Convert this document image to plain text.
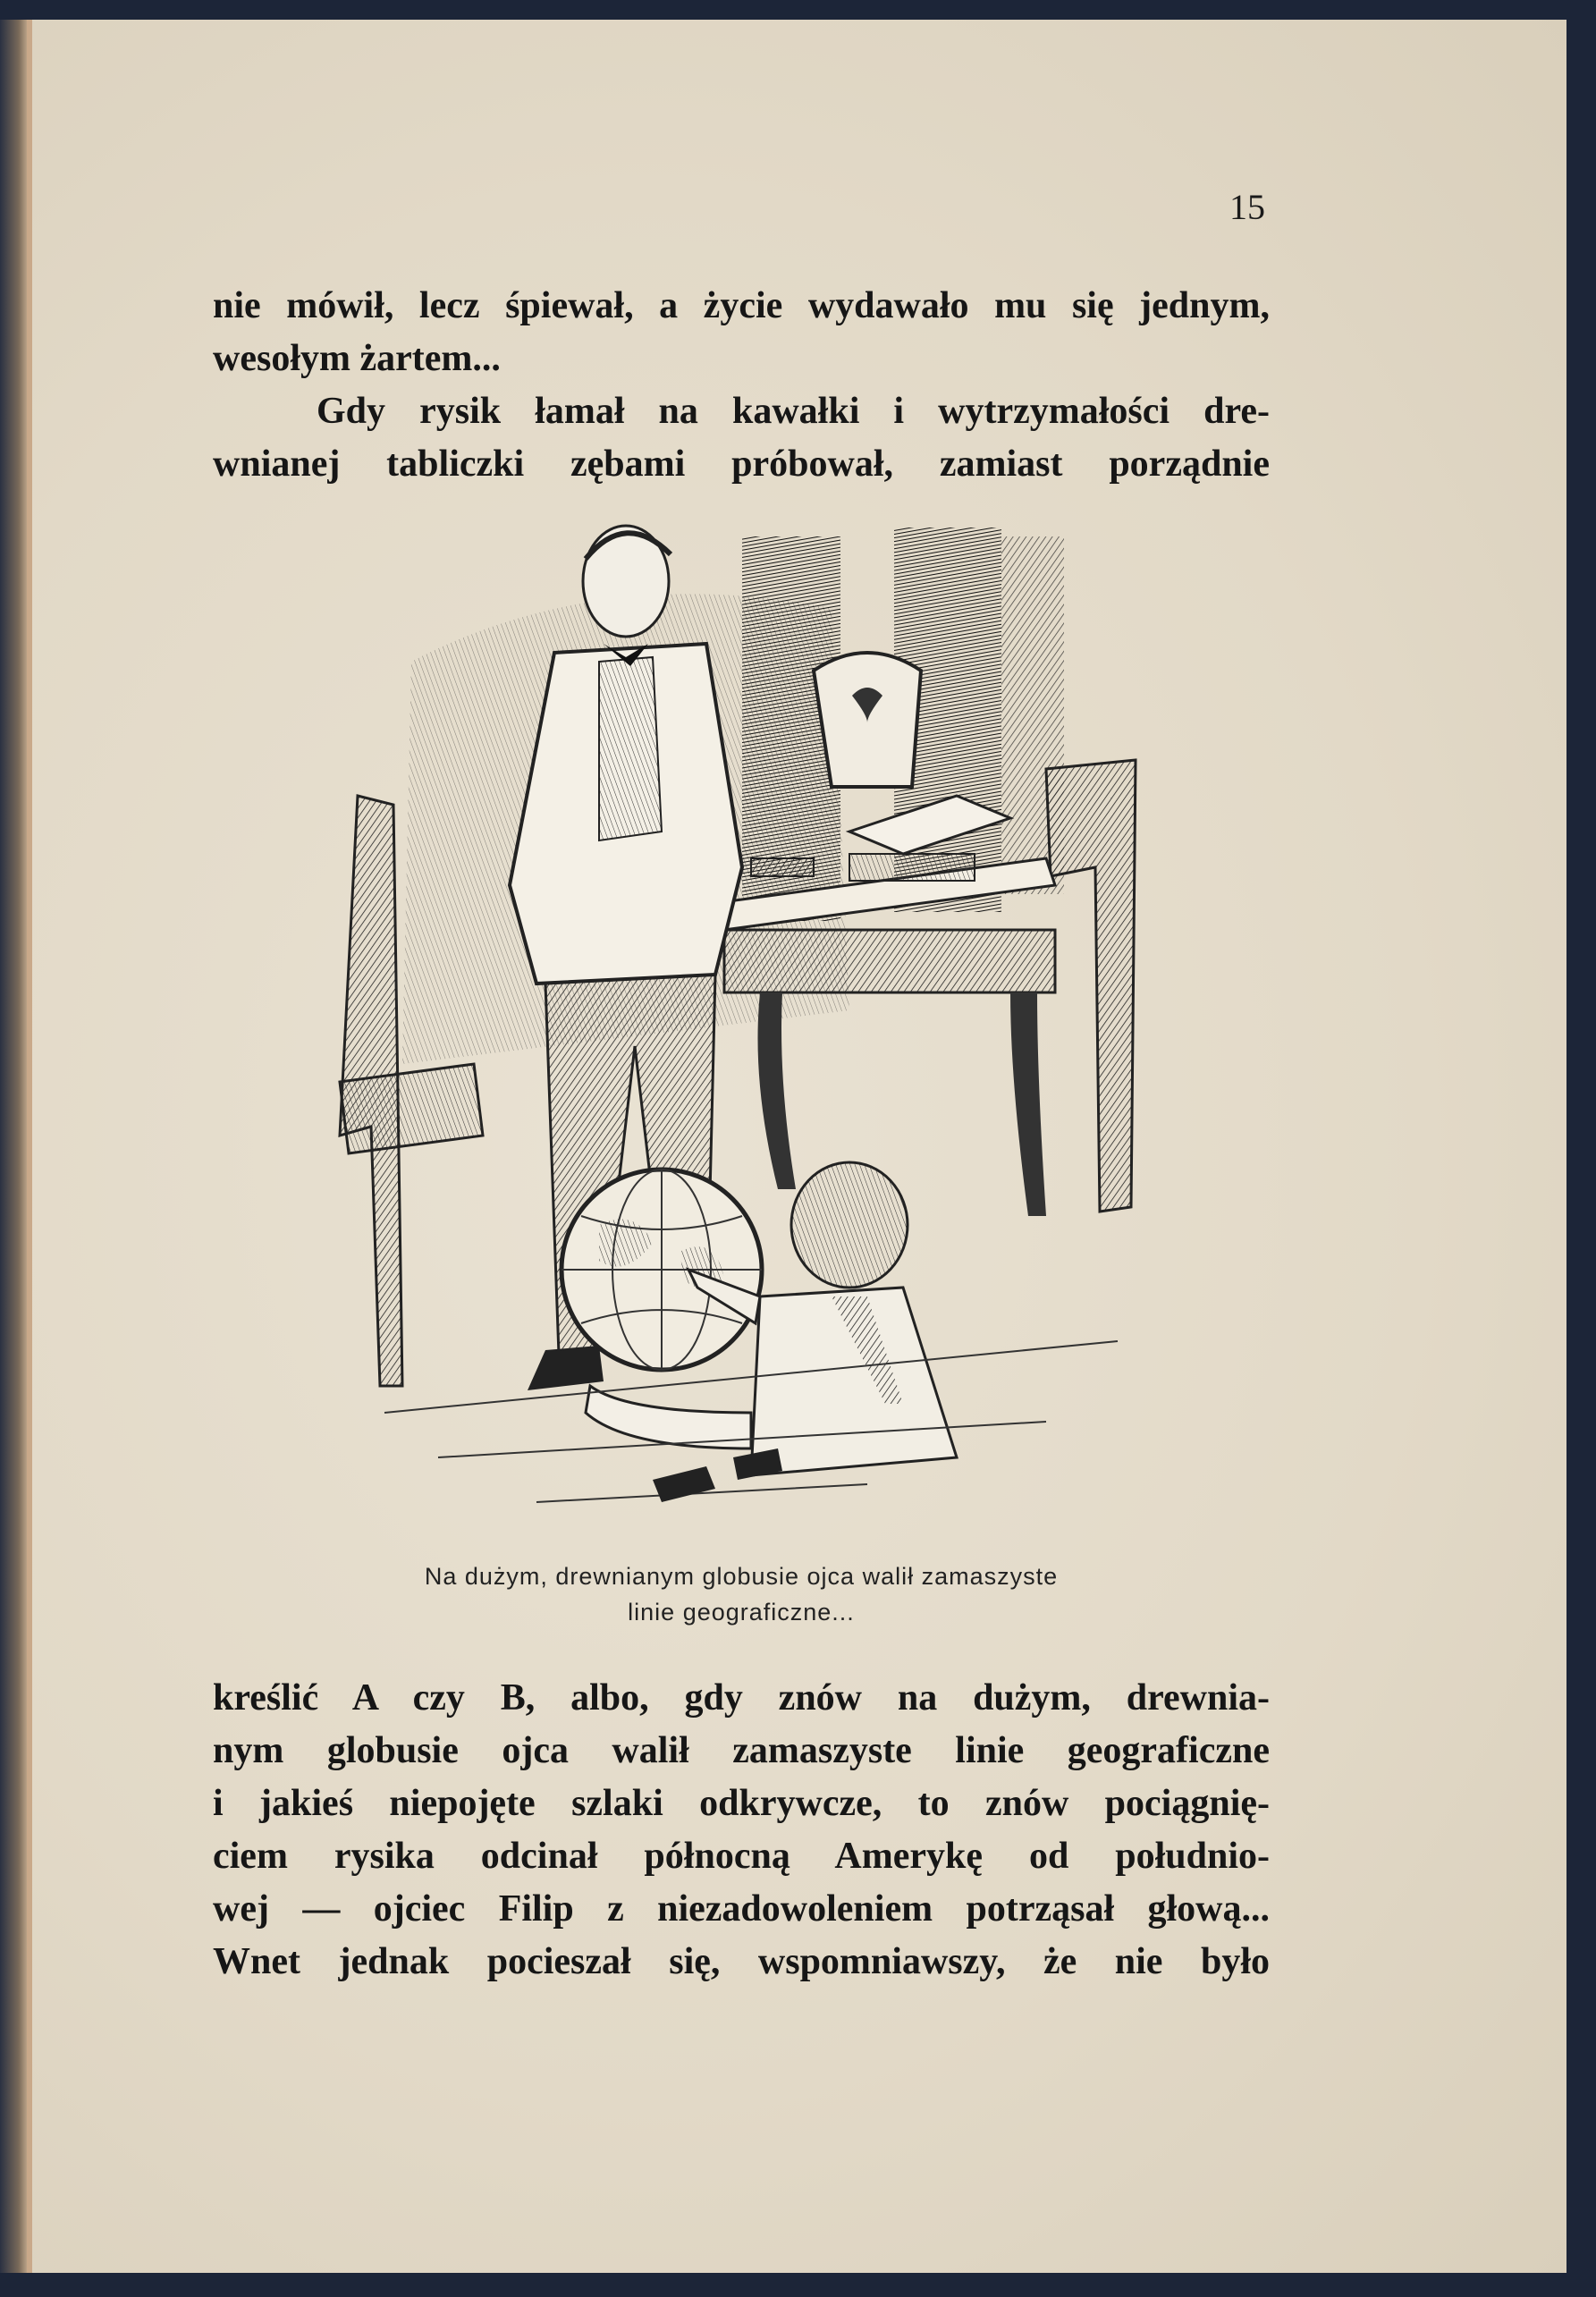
15
nie mówił, lecz śpiewał, a życie wydawało mu się jednym,
wesołym żartem...
Gdy rysik łamał na kawałki i wytrzymałości dre-
wnianej tabliczki zębami próbował, zamiast porządnie
Na dużym, drewnianym globusie ojca walił zamaszyste
linie geograficzne...
kreślić A czy B, albo, gdy znów na dużym, drewnia-
nym globusie ojca walił zamaszyste linie geograficzne
i jakieś niepojęte szlaki odkrywcze, to znów pociągnię-
ciem rysika odcinał północną Amerykę od południo-
wej — ojciec Filip z niezadowoleniem potrząsał głową...
Wnet jednak pocieszał się, wspomniawszy, że nie było
